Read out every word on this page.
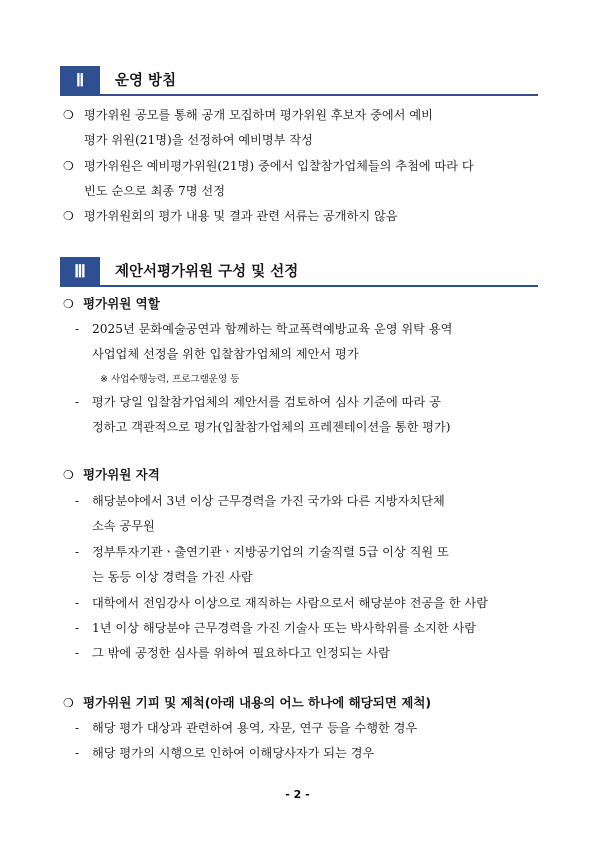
Ⅱ	운영 방침
❍ 평가위원 공모를 통해 공개 모집하며 평가위원 후보자 중에서 예비
평가 위원(21명)을 선정하여 예비명부 작성
❍ 평가위원은 예비평가위원(21명) 중에서 입찰참가업체들의 추첨에 따라 다
빈도 순으로 최종 7명 선정
❍ 평가위원회의 평가 내용 및 결과 관련 서류는 공개하지 않음
Ⅲ	제안서평가위원 구성 및 선정
❍ 평가위원 역할
- 2025년 문화예술공연과 함께하는 학교폭력예방교육 운영 위탁 용역
사업업체 선정을 위한 입찰참가업체의 제안서 평가
※ 사업수행능력, 프로그램운영 등
- 평가 당일 입찰참가업체의 제안서를 검토하여 심사 기준에 따라 공
정하고 객관적으로 평가(입찰참가업체의 프레젠테이션을 통한 평가)
❍ 평가위원 자격
- 해당분야에서 3년 이상 근무경력을 가진 국가와 다른 지방자치단체
소속 공무원
- 정부투자기관ㆍ출연기관ㆍ지방공기업의 기술직렬 5급 이상 직원 또
는 동등 이상 경력을 가진 사람
- 대학에서 전임강사 이상으로 재직하는 사람으로서 해당분야 전공을 한 사람
- 1년 이상 해당분야 근무경력을 가진 기술사 또는 박사학위를 소지한 사람
- 그 밖에 공정한 심사를 위하여 필요하다고 인정되는 사람
❍ 평가위원 기피 및 제척(아래 내용의 어느 하나에 해당되면 제척)
- 해당 평가 대상과 관련하여 용역, 자문, 연구 등을 수행한 경우
- 해당 평가의 시행으로 인하여 이해당사자가 되는 경우
- 2 -
